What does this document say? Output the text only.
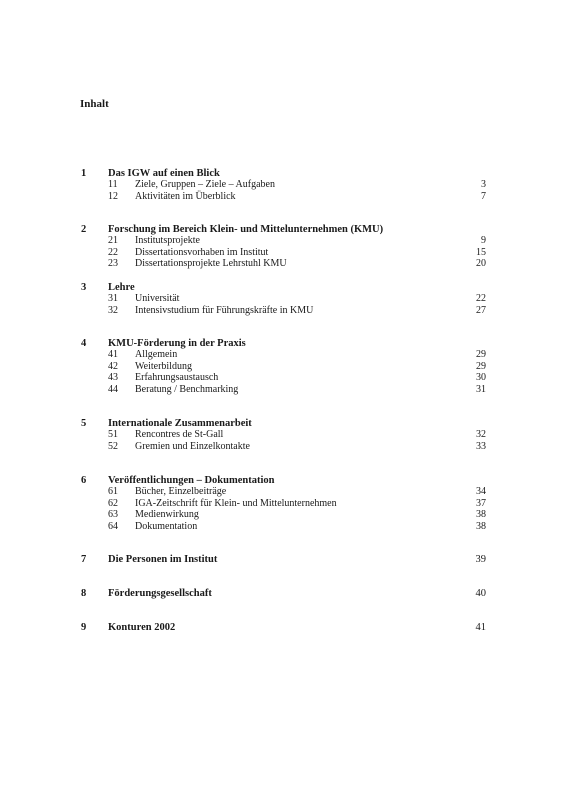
Inhalt
1 Das IGW auf einen Blick
11 Ziele, Gruppen – Ziele – Aufgaben	3
12 Aktivitäten im Überblick	7
2 Forschung im Bereich Klein- und Mittelunternehmen (KMU)
21 Institutsprojekte	9
22 Dissertationsvorhaben im Institut	15
23 Dissertationsprojekte Lehrstuhl KMU	20
3 Lehre
31 Universität	22
32 Intensivstudium für Führungskräfte in KMU	27
4 KMU-Förderung in der Praxis
41 Allgemein	29
42 Weiterbildung	29
43 Erfahrungsaustausch	30
44 Beratung / Benchmarking	31
5 Internationale Zusammenarbeit
51 Rencontres de St-Gall	32
52 Gremien und Einzelkontakte	33
6 Veröffentlichungen – Dokumentation
61 Bücher, Einzelbeiträge	34
62 IGA-Zeitschrift für Klein- und Mittelunternehmen	37
63 Medienwirkung	38
64 Dokumentation	38
7 Die Personen im Institut	39
8 Förderungsgesellschaft	40
9 Konturen 2002	41
